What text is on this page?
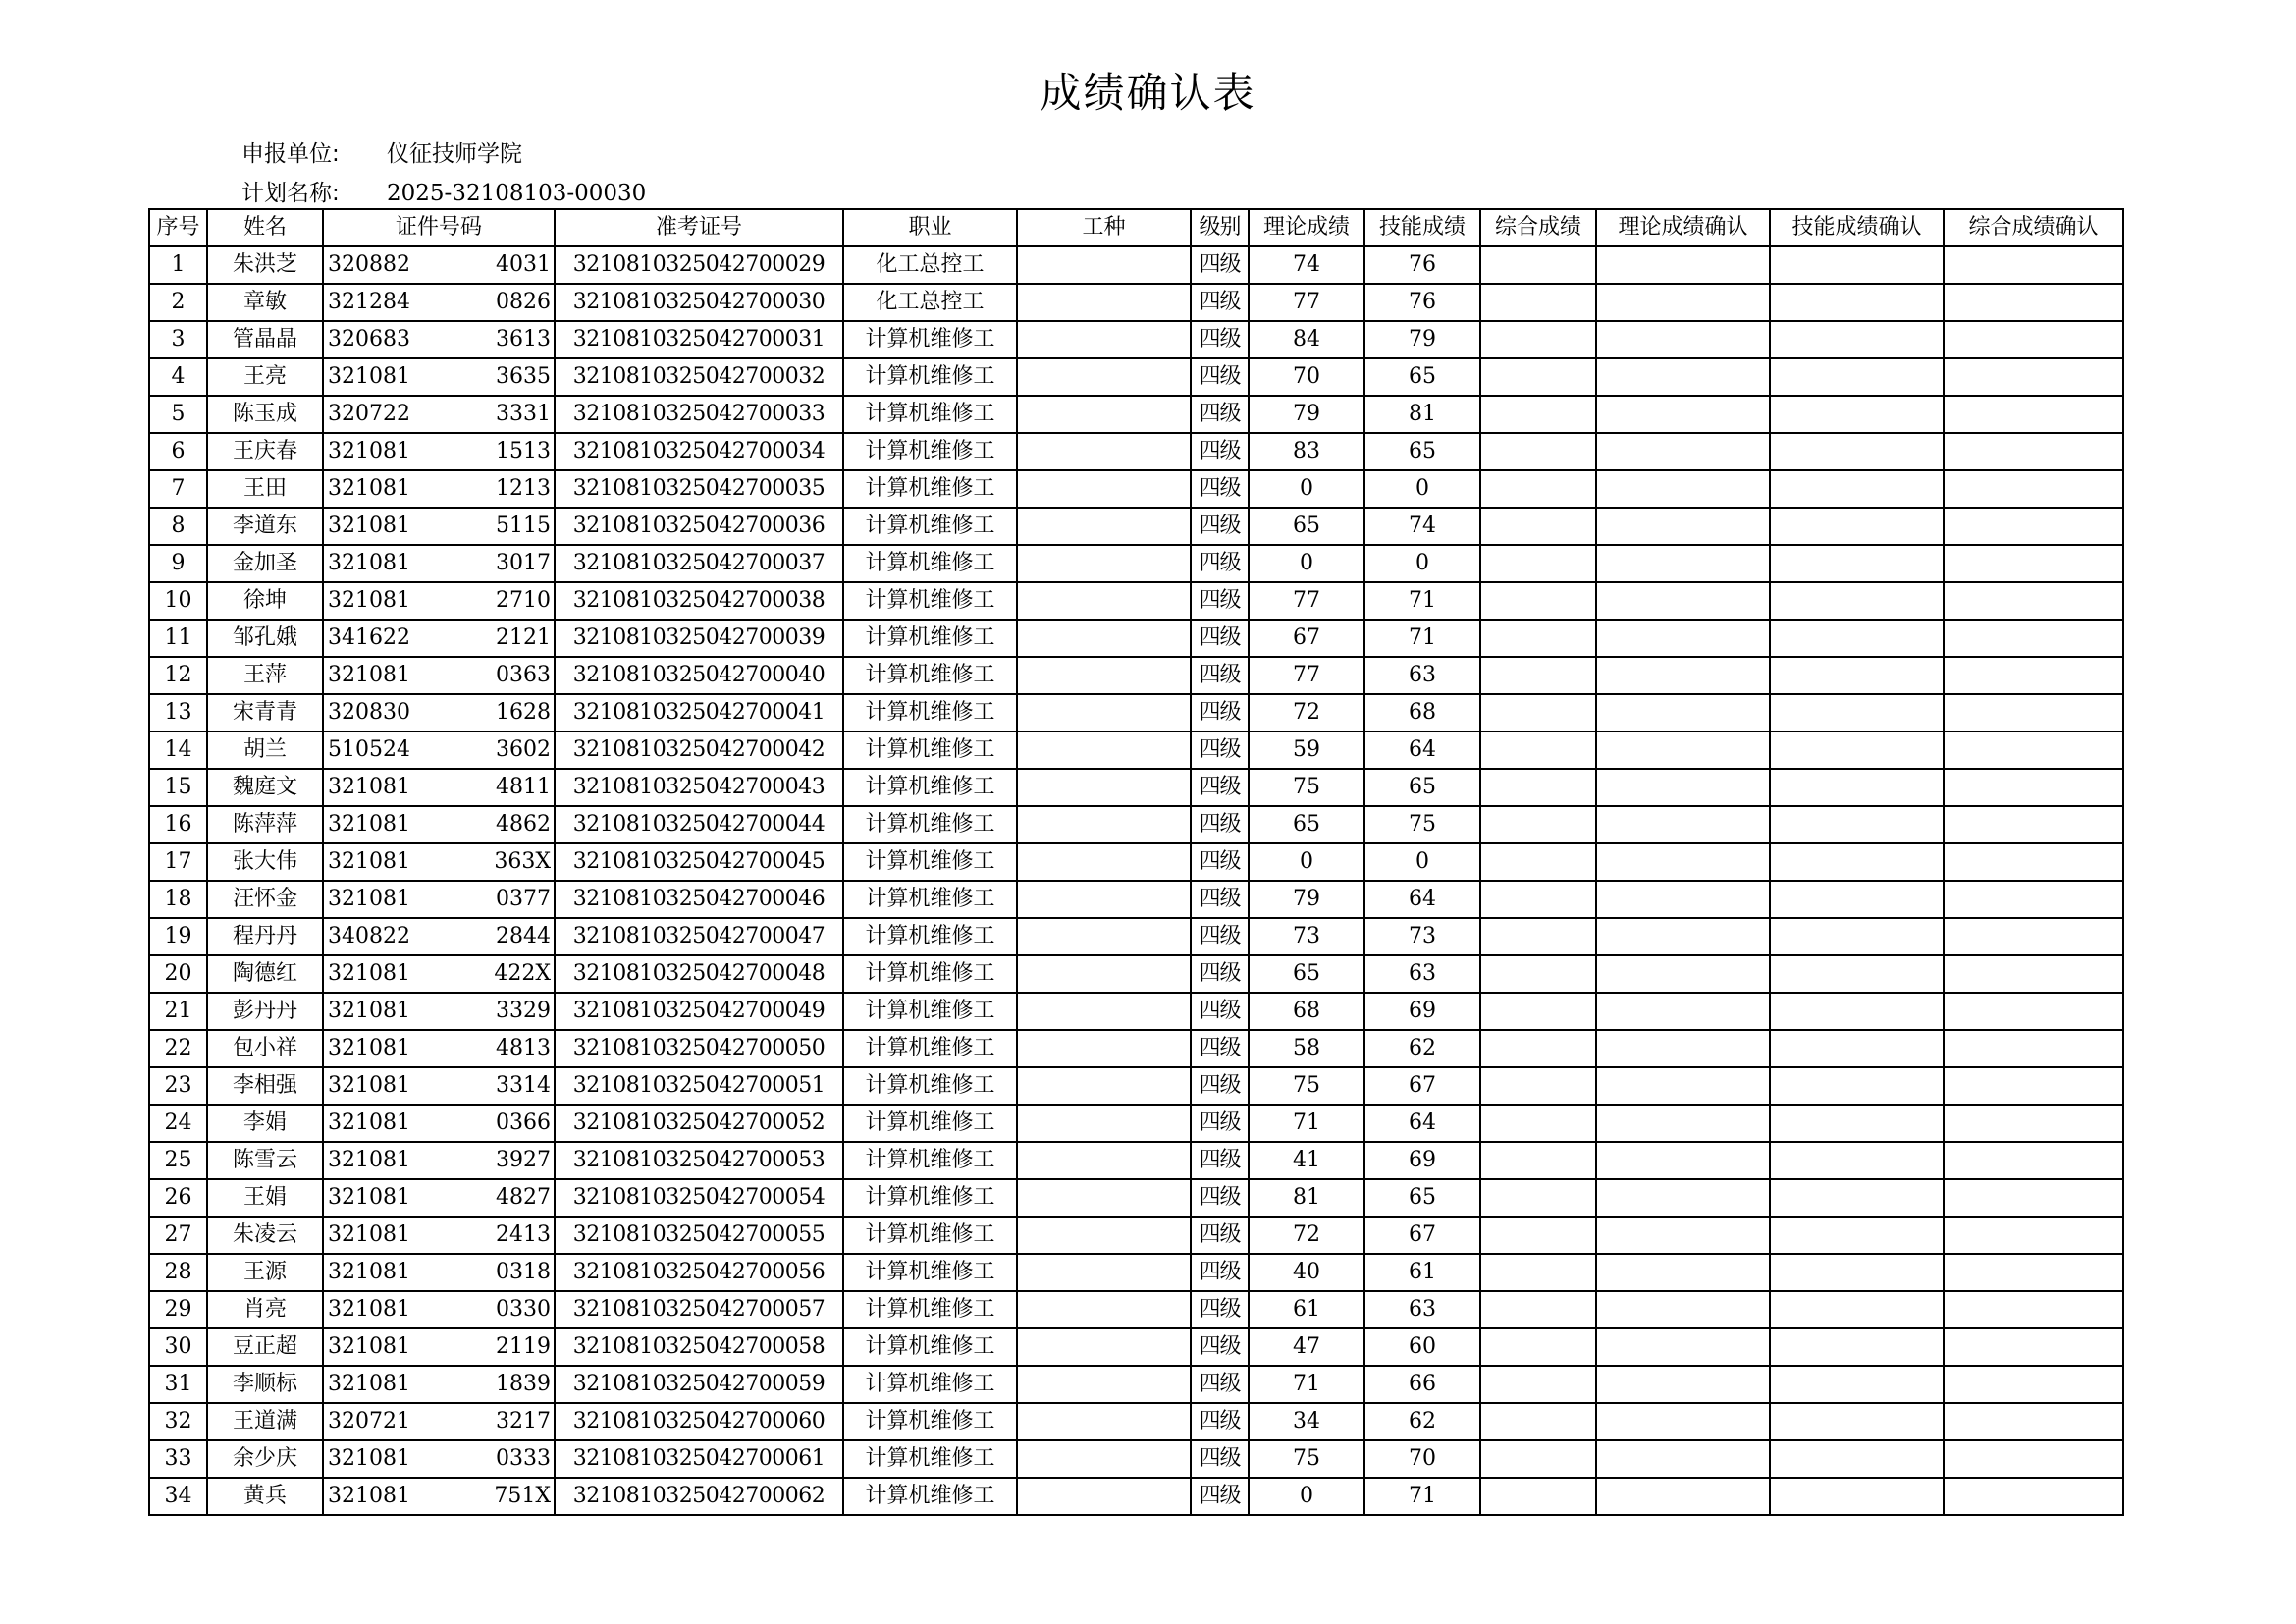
成绩确认表
申报单位: 仪征技师学院
计划名称: 2025-32108103-00030
序号	姓名	证件号码	准考证号	职业	工种	级别	理论成绩	技能成绩	综合成绩	理论成绩确认	技能成绩确认	综合成绩确认
1	朱洪芝	320882 4031	3210810325042700029	化工总控工		四级	74	76				
2	章敏	321284 0826	3210810325042700030	化工总控工		四级	77	76				
3	管晶晶	320683 3613	3210810325042700031	计算机维修工		四级	84	79				
4	王亮	321081 3635	3210810325042700032	计算机维修工		四级	70	65				
5	陈玉成	320722 3331	3210810325042700033	计算机维修工		四级	79	81				
6	王庆春	321081 1513	3210810325042700034	计算机维修工		四级	83	65				
7	王田	321081 1213	3210810325042700035	计算机维修工		四级	0	0				
8	李道东	321081 5115	3210810325042700036	计算机维修工		四级	65	74				
9	金加圣	321081 3017	3210810325042700037	计算机维修工		四级	0	0				
10	徐坤	321081 2710	3210810325042700038	计算机维修工		四级	77	71				
11	邹孔娥	341622 2121	3210810325042700039	计算机维修工		四级	67	71				
12	王萍	321081 0363	3210810325042700040	计算机维修工		四级	77	63				
13	宋青青	320830 1628	3210810325042700041	计算机维修工		四级	72	68				
14	胡兰	510524 3602	3210810325042700042	计算机维修工		四级	59	64				
15	魏庭文	321081 4811	3210810325042700043	计算机维修工		四级	75	65				
16	陈萍萍	321081 4862	3210810325042700044	计算机维修工		四级	65	75				
17	张大伟	321081 363X	3210810325042700045	计算机维修工		四级	0	0				
18	汪怀金	321081 0377	3210810325042700046	计算机维修工		四级	79	64				
19	程丹丹	340822 2844	3210810325042700047	计算机维修工		四级	73	73				
20	陶德红	321081 422X	3210810325042700048	计算机维修工		四级	65	63				
21	彭丹丹	321081 3329	3210810325042700049	计算机维修工		四级	68	69				
22	包小祥	321081 4813	3210810325042700050	计算机维修工		四级	58	62				
23	李相强	321081 3314	3210810325042700051	计算机维修工		四级	75	67				
24	李娟	321081 0366	3210810325042700052	计算机维修工		四级	71	64				
25	陈雪云	321081 3927	3210810325042700053	计算机维修工		四级	41	69				
26	王娟	321081 4827	3210810325042700054	计算机维修工		四级	81	65				
27	朱凌云	321081 2413	3210810325042700055	计算机维修工		四级	72	67				
28	王源	321081 0318	3210810325042700056	计算机维修工		四级	40	61				
29	肖亮	321081 0330	3210810325042700057	计算机维修工		四级	61	63				
30	豆正超	321081 2119	3210810325042700058	计算机维修工		四级	47	60				
31	李顺标	321081 1839	3210810325042700059	计算机维修工		四级	71	66				
32	王道满	320721 3217	3210810325042700060	计算机维修工		四级	34	62				
33	余少庆	321081 0333	3210810325042700061	计算机维修工		四级	75	70				
34	黄兵	321081 751X	3210810325042700062	计算机维修工		四级	0	71				
